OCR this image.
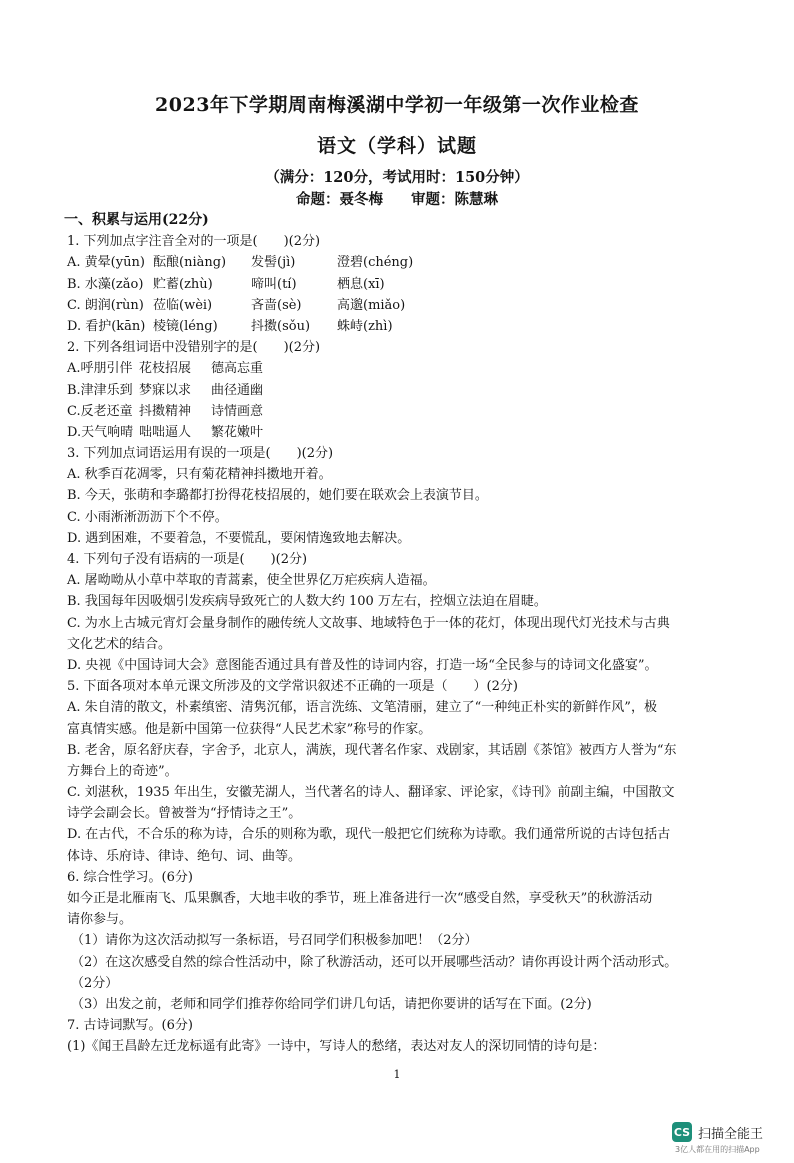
2023年下学期周南梅溪湖中学初一年级第一次作业检查
语文（学科）试题
（满分：120分，考试用时：150分钟）
命题：聂冬梅 审题：陈慧琳
一、积累与运用(22分)
1. 下列加点字注音全对的一项是(　　)(2分)
A. 黄晕(yūn) 酝酿(niàng) 发髻(jì)	澄碧(chéng)
B. 水藻(zǎo) 贮蓄(zhù)	啼叫(tí)	栖息(xī)
C. 朗润(rùn) 莅临(wèi)	吝啬(sè)	高邈(miǎo)
D. 看护(kān) 棱镜(léng)	抖擞(sǒu) 蛛峙(zhì)
2. 下列各组词语中没错别字的是(　　)(2分)
A.呼朋引伴 花枝招展 德高忘重
B.津津乐到 梦寐以求 曲径通幽
C.反老还童 抖擞精神 诗情画意
D.天气响晴 咄咄逼人 繁花嫩叶
3. 下列加点词语运用有误的一项是(　　)(2分)
A. 秋季百花凋零，只有菊花精神抖擞地开着。
B. 今天，张萌和李璐都打扮得花枝招展的，她们要在联欢会上表演节目。
C. 小雨淅淅沥沥下个不停。
D. 遇到困难，不要着急，不要慌乱，要闲情逸致地去解决。
4. 下列句子没有语病的一项是(　　)(2分)
A. 屠呦呦从小草中萃取的青蒿素，使全世界亿万疟疾病人造福。
B. 我国每年因吸烟引发疾病导致死亡的人数大约 100 万左右，控烟立法迫在眉睫。
C. 为水上古城元宵灯会量身制作的融传统人文故事、地域特色于一体的花灯，体现出现代灯光技术与古典
文化艺术的结合。
D. 央视《中国诗词大会》意图能否通过具有普及性的诗词内容，打造一场“全民参与的诗词文化盛宴”。
5. 下面各项对本单元课文所涉及的文学常识叙述不正确的一项是（　　）(2分)
A. 朱自清的散文，朴素缜密、清隽沉郁，语言洗练、文笔清丽，建立了“一种纯正朴实的新鲜作风”，极
富真情实感。他是新中国第一位获得“人民艺术家”称号的作家。
B. 老舍，原名舒庆春，字舍予，北京人，满族，现代著名作家、戏剧家，其话剧《茶馆》被西方人誉为“东
方舞台上的奇迹”。
C. 刘湛秋，1935 年出生，安徽芜湖人，当代著名的诗人、翻译家、评论家，《诗刊》前副主编，中国散文
诗学会副会长。曾被誉为“抒情诗之王”。
D. 在古代，不合乐的称为诗，合乐的则称为歌，现代一般把它们统称为诗歌。我们通常所说的古诗包括古
体诗、乐府诗、律诗、绝句、词、曲等。
6. 综合性学习。(6分)
如今正是北雁南飞、瓜果飘香，大地丰收的季节，班上准备进行一次“感受自然，享受秋天”的秋游活动
请你参与。
（1）请你为这次活动拟写一条标语，号召同学们积极参加吧！（2分）
（2）在这次感受自然的综合性活动中，除了秋游活动，还可以开展哪些活动？请你再设计两个活动形式。
（2分）
（3）出发之前，老师和同学们推荐你给同学们讲几句话，请把你要讲的话写在下面。(2分)
7. 古诗词默写。(6分)
(1)《闻王昌龄左迁龙标遥有此寄》一诗中，写诗人的愁绪，表达对友人的深切同情的诗句是：
1
CS 扫描全能王
3亿人都在用的扫描App
